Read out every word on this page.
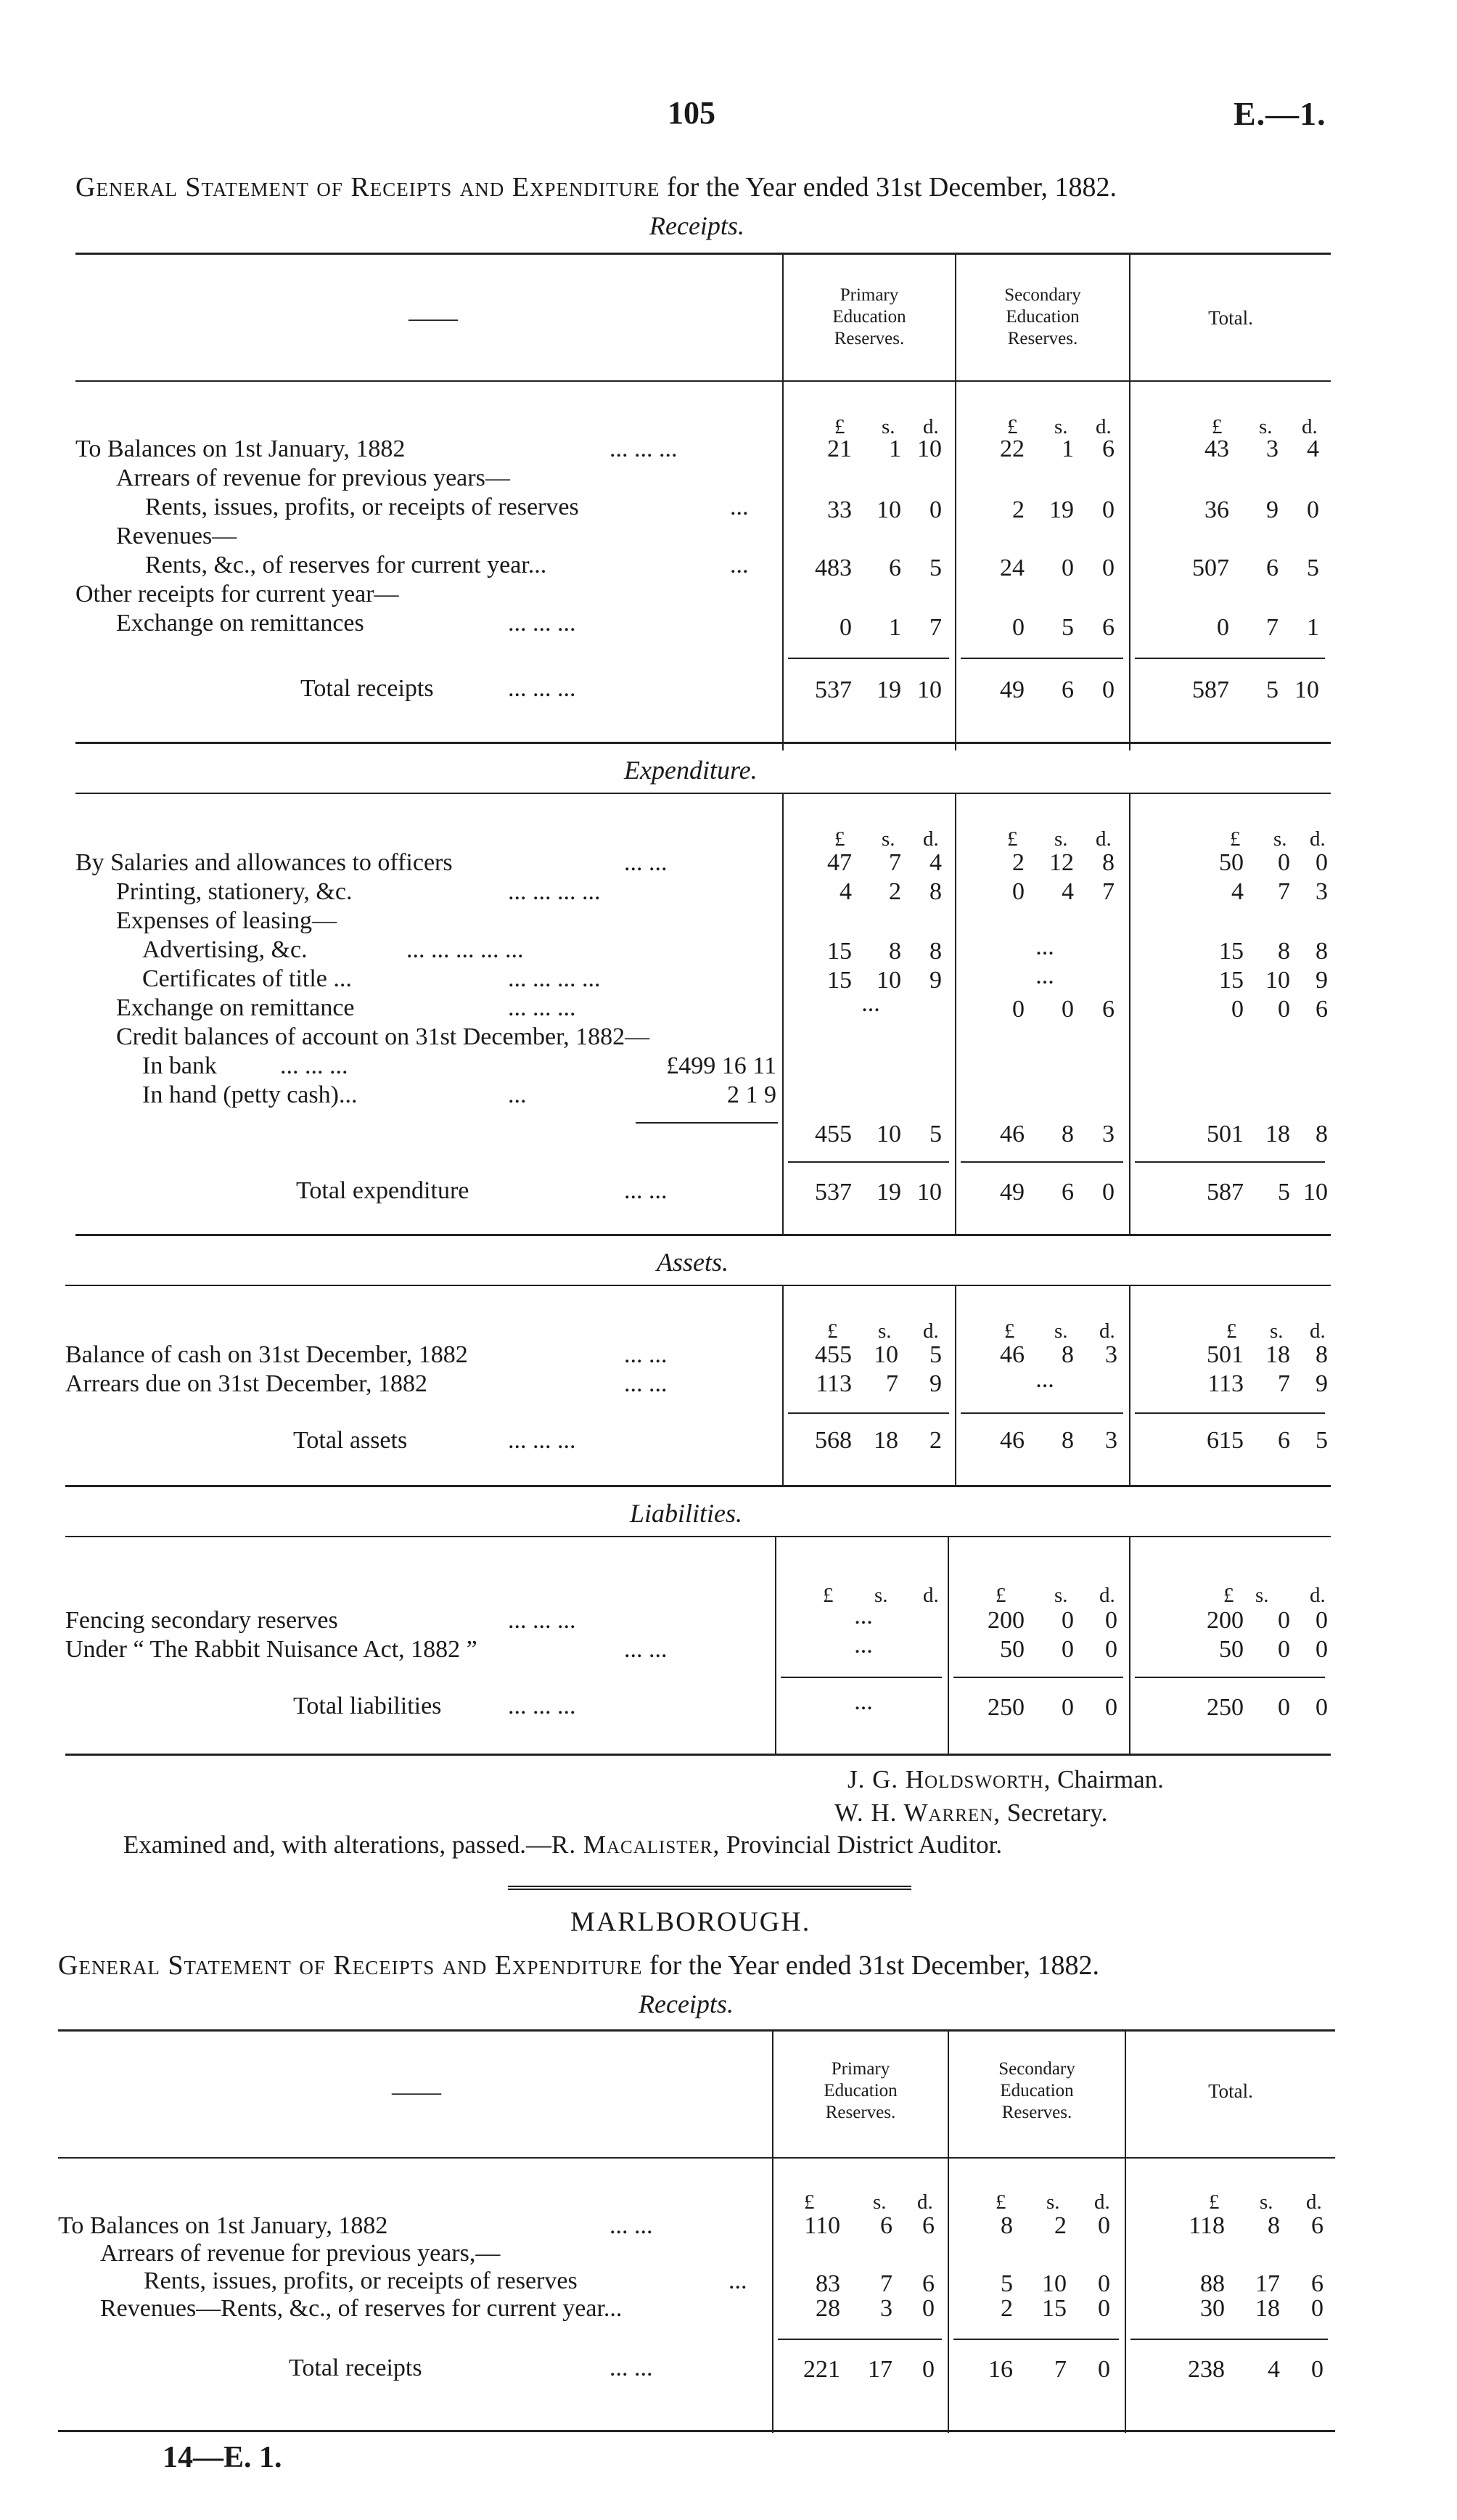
105	E.—1.
General Statement of Receipts and Expenditure for the Year ended 31st December, 1882.
Receipts.
——
Primary
Education
Reserves.
Secondary
Education
Reserves.
Total.
£ s. d.	£ s. d.	£ s. d.
To Balances on 1st January, 1882	... ... ...	21	1 10	22	1	6	43	3	4
Arrears of revenue for previous years—
Rents, issues, profits, or receipts of reserves	...	33	10	0	2	19	0	36	9	0
Revenues—
Rents, &c., of reserves for current year...	...	483	6	5	24	0	0	507	6	5
Other receipts for current year—
Exchange on remittances	... ... ...	0	1	7	0	5	6	0	7	1
Total receipts	... ... ...	537	19 10	49	6	0	587	5 10
Expenditure.
£ s. d.	£ s. d.	£ s. d.
By Salaries and allowances to officers	... ...	47	7	4	2	12	8	50	0	0
Printing, stationery, &c.	... ... ... ...	4	2	8	0	4	7	4	7	3
Expenses of leasing—
Advertising, &c.	... ... ... ... ...	15	8	8	...	15	8	8
Certificates of title ...	... ... ... ...	15	10	9	...	15 10	9
Exchange on remittance	... ... ...	...	0	0	6	0	0	6
Credit balances of account on 31st December, 1882—
In bank	... ... ...	£499 16 11
In hand (petty cash)...	...	2 1 9
455	10	5	46	8	3	501 18	8
Total expenditure	... ...	537	19 10	49	6	0	587	5 10
Assets.
£ s. d.	£ s. d.	£ s. d.
Balance of cash on 31st December, 1882	... ...	455 10	5	46	8	3	501 18	8
Arrears due on 31st December, 1882	... ...	113	7	9	...	113	7	9
Total assets	... ... ...	568 18	2	46	8	3	615	6	5
Liabilities.
£ s. d.	£ s. d.	£ s. d.
Fencing secondary reserves	... ... ...	...	200	0	0	200	0	0
Under “ The Rabbit Nuisance Act, 1882 ”	... ...	...	50	0	0	50	0	0
Total liabilities	... ... ...	...	250	0	0	250	0	0
J. G. Holdsworth, Chairman.
W. H. Warren, Secretary.
Examined and, with alterations, passed.—R. Macalister, Provincial District Auditor.
MARLBOROUGH.
General Statement of Receipts and Expenditure for the Year ended 31st December, 1882.
Receipts.
——
Primary
Education
Reserves.
Secondary
Education
Reserves.
Total.
£	s. d.	£ s. d.	£ s. d.
To Balances on 1st January, 1882	... ...	110	6	6	8	2	0	118	8	6
Arrears of revenue for previous years,—
Rents, issues, profits, or receipts of reserves	...	83	7	6	5	10	0	88	17	6
Revenues—Rents, &c., of reserves for current year...	28	3	0	2	15	0	30	18	0
Total receipts	... ...	221	17	0	16	7	0	238	4	0
14—E. 1.
